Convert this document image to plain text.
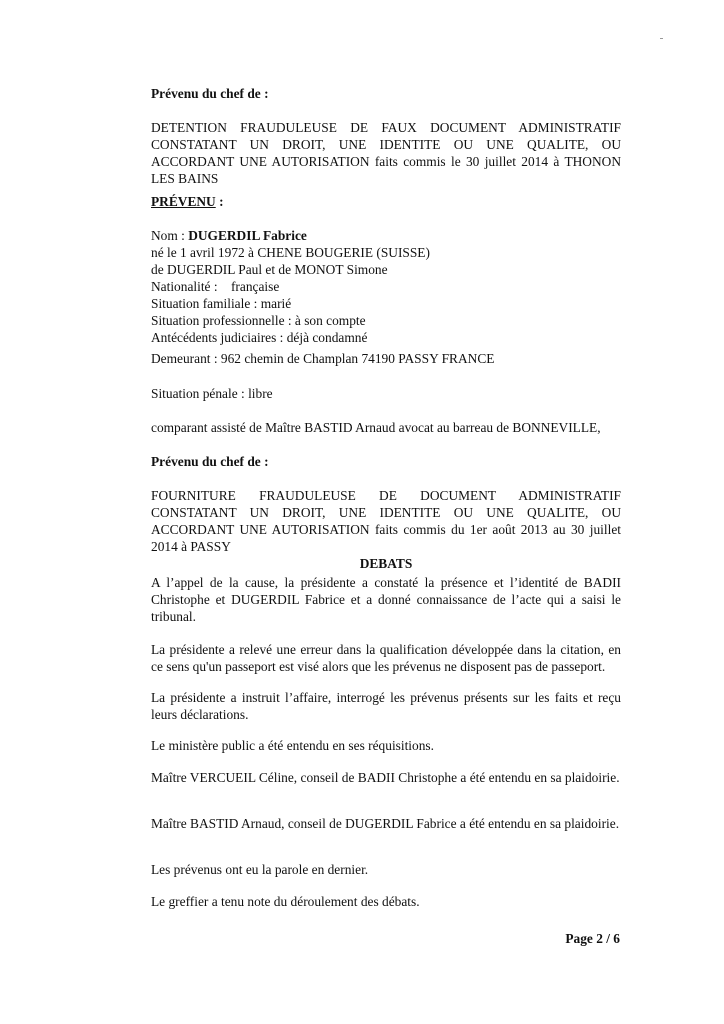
Prévenu du chef de :

DETENTION FRAUDULEUSE DE FAUX DOCUMENT ADMINISTRATIF
CONSTATANT UN DROIT, UNE IDENTITE OU UNE QUALITE, OU
ACCORDANT UNE AUTORISATION faits commis le 30 juillet 2014 à THONON
LES BAINS

PRÉVENU :

Nom : DUGERDIL Fabrice
né le 1 avril 1972 à CHENE BOUGERIE (SUISSE)
de DUGERDIL Paul et de MONOT Simone
Nationalité :    française
Situation familiale : marié
Situation professionnelle : à son compte
Antécédents judiciaires : déjà condamné

Demeurant : 962 chemin de Champlan 74190 PASSY FRANCE

Situation pénale : libre

comparant assisté de Maître BASTID Arnaud avocat au barreau de BONNEVILLE,

Prévenu du chef de :

FOURNITURE FRAUDULEUSE DE DOCUMENT ADMINISTRATIF
CONSTATANT UN DROIT, UNE IDENTITE OU UNE QUALITE, OU
ACCORDANT UNE AUTORISATION faits commis du 1er août 2013 au 30 juillet
2014 à PASSY

DEBATS

A l’appel de la cause, la présidente a constaté la présence et l’identité de BADII Christophe et DUGERDIL Fabrice et a donné connaissance de l’acte qui a saisi le tribunal.

La présidente a relevé une erreur dans la qualification développée dans la citation, en ce sens qu'un passeport est visé alors que les prévenus ne disposent pas de passeport.

La présidente a instruit l’affaire, interrogé les prévenus présents sur les faits et reçu leurs déclarations.

Le ministère public a été entendu en ses réquisitions.

Maître VERCUEIL Céline, conseil de BADII Christophe a été entendu en sa plaidoirie.

Maître BASTID Arnaud, conseil de DUGERDIL Fabrice a été entendu en sa plaidoirie.

Les prévenus ont eu la parole en dernier.

Le greffier a tenu note du déroulement des débats.

Page 2 / 6
